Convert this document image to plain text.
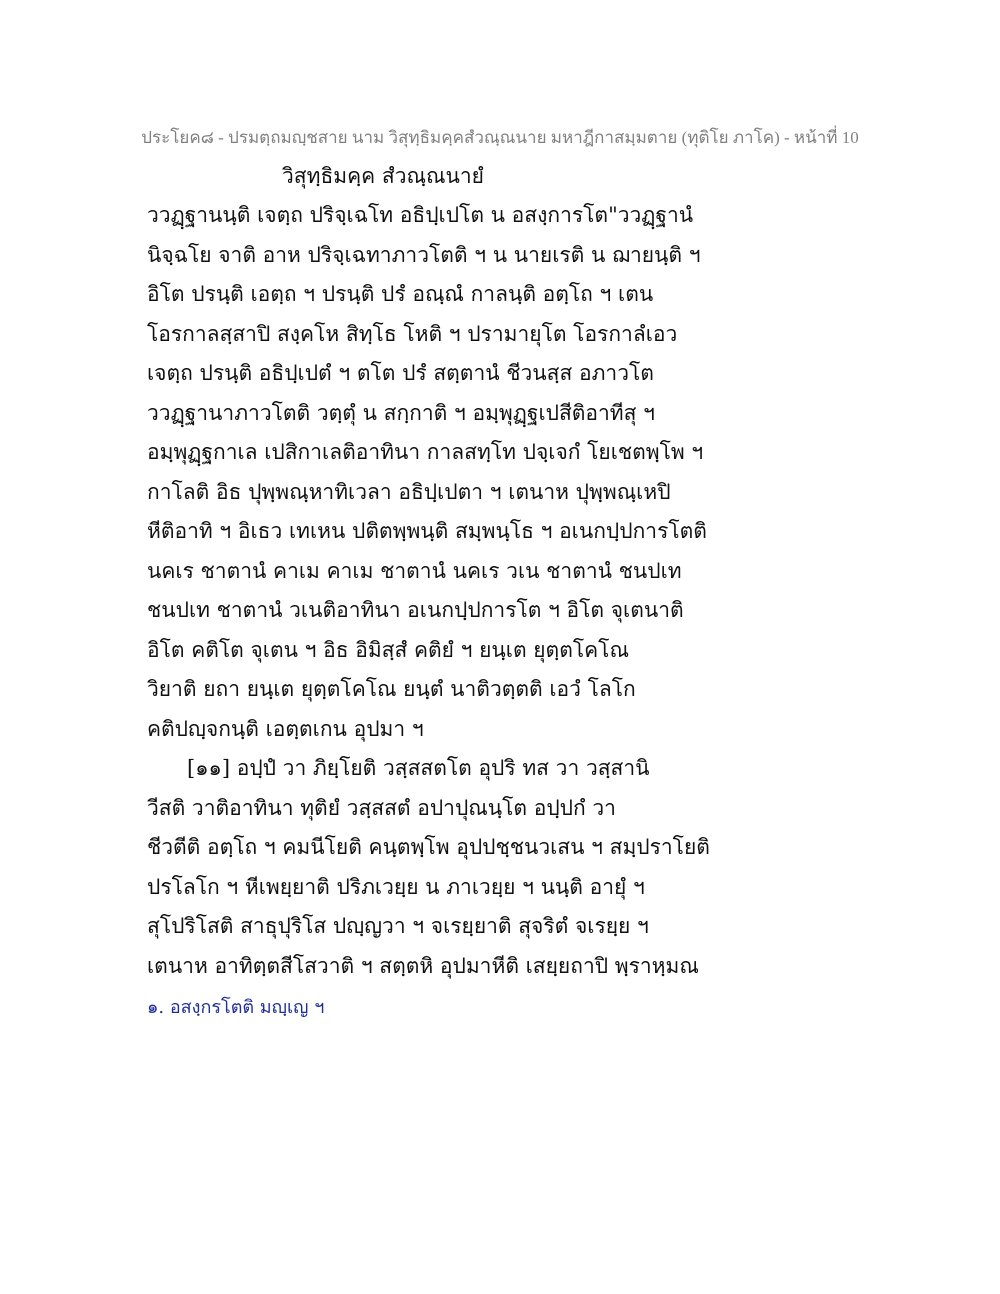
ประโยค๘ - ปรมตฺถมญฺชสาย นาม วิสุทฺธิมคฺคสํวณฺณนาย มหาฎีกาสมฺมตาย (ทุติโย ภาโค) - หน้าที่ 10
วิสุทฺธิมคฺค สํวณฺณนายํ
ววฏฺฐานนฺติ เจตฺถ ปริจฺเฉโท อธิปฺเปโต น อสงฺการโต"ววฏฺฐานํ
นิจฺฉโย จาติ อาห ปริจฺเฉทาภาวโตติ ฯ น นายเรติ น ฌายนฺติ ฯ
อิโต ปรนฺติ เอตฺถ ฯ ปรนฺติ ปรํ อณฺณํ กาลนฺติ อตฺโถ ฯ เตน
โอรกาลสฺสาปิ สงฺคโห สิทฺโธ โหติ ฯ ปรามายุโต โอรกาลํเอว
เจตฺถ ปรนฺติ อธิปฺเปตํ ฯ ตโต ปรํ สตฺตานํ ชีวนสฺส อภาวโต
ววฏฺฐานาภาวโตติ วตฺตุํ น สกฺกาติ ฯ อมฺพุฏฺฐเปสีติอาทีสุ ฯ
อมฺพุฏฺฐกาเล เปสิกาเลติอาทินา กาลสทฺโท ปจฺเจกํ โยเชตพฺโพ ฯ
กาโลติ อิธ ปุพฺพณฺหาทิเวลา อธิปฺเปตา ฯ เตนาห ปุพฺพณฺเหปิ
หีติอาทิ ฯ อิเธว เทเหน ปติตพฺพนฺติ สมฺพนฺโธ ฯ อเนกปฺปการโตติ
นคเร ชาตานํ คาเม คาเม ชาตานํ นคเร วเน ชาตานํ ชนปเท
ชนปเท ชาตานํ วเนติอาทินา อเนกปฺปการโต ฯ อิโต จุเตนาติ
อิโต คติโต จุเตน ฯ อิธ อิมิสฺสํ คติยํ ฯ ยนฺเต ยุตฺตโคโณ
วิยาติ ยถา ยนฺเต ยุตฺตโคโณ ยนฺตํ นาติวตฺตติ เอวํ โลโก
คติปญฺจกนฺติ เอตฺตเกน อุปมา ฯ
[๑๑] อปฺปํ วา ภิยฺโยติ วสฺสสตโต อุปริ ทส วา วสฺสานิ
วีสติ วาติอาทินา ทุติยํ วสฺสสตํ อปาปุณนฺโต อปฺปกํ วา
ชีวตีติ อตฺโถ ฯ คมนีโยติ คนฺตพฺโพ อุปปชฺชนวเสน ฯ สมฺปราโยติ
ปรโลโก ฯ หีเพยฺยาติ ปริภเวยฺย น ภาเวยฺย ฯ นนฺติ อายุํ ฯ
สุโปริโสติ สาธุปุริโส ปญฺญวา ฯ จเรยฺยาติ สุจริตํ จเรยฺย ฯ
เตนาห อาทิตฺตสีโสวาติ ฯ สตฺตหิ อุปมาหีติ เสยฺยถาปิ พฺราหฺมณ
๑. อสงฺกรโตติ มญฺเญ ฯ
